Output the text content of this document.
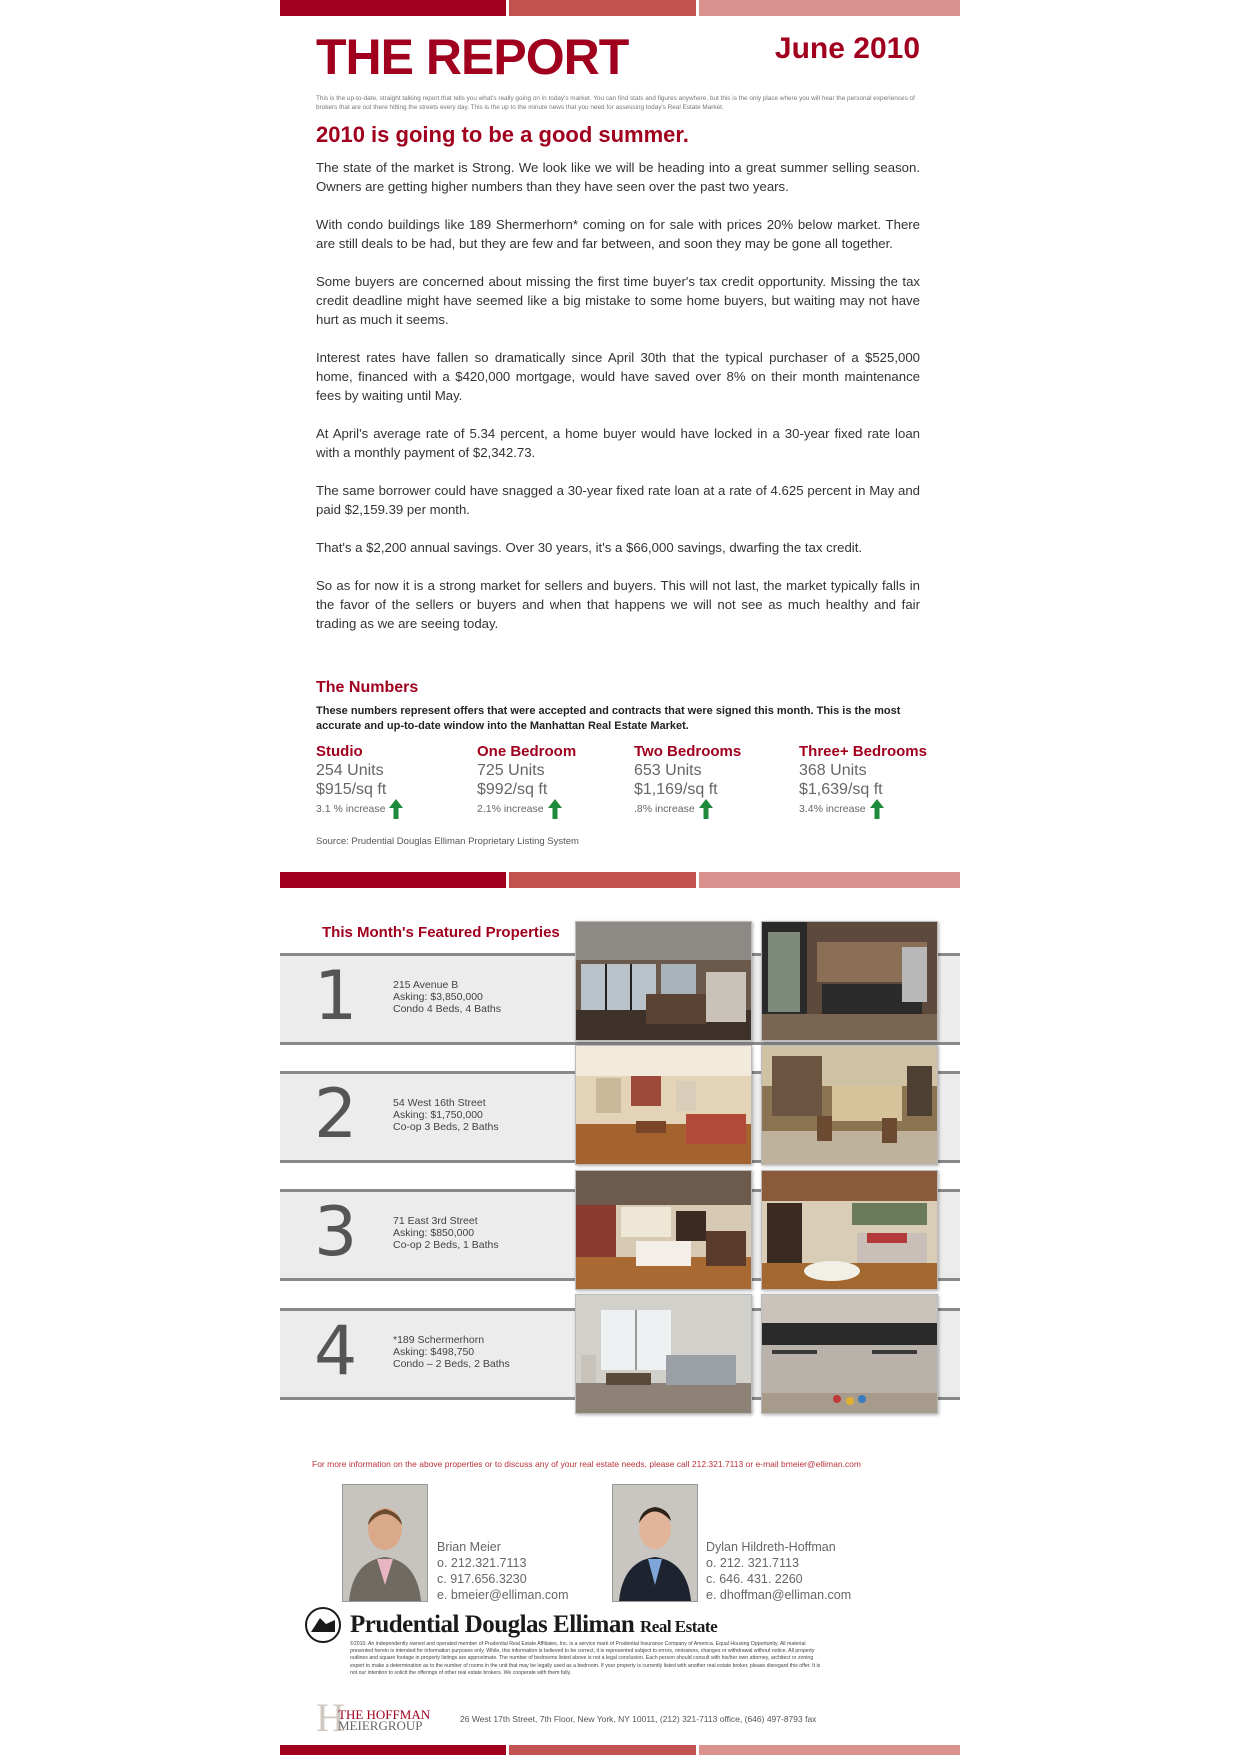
THE REPORT	June 2010
This is the up-to-date, straight talking report that tells you what's really going on in today's market. You can find stats and figures anywhere, but this is the only place where you will hear the personal experiences of brokers that are out there hitting the streets every day. This is the up to the minute news that you need for assessing today's Real Estate Market.
2010 is going to be a good summer.

The state of the market is Strong. We look like we will be heading into a great summer selling season. Owners are getting higher numbers than they have seen over the past two years.

With condo buildings like 189 Shermerhorn* coming on for sale with prices 20% below market. There are still deals to be had, but they are few and far between, and soon they may be gone all together.

Some buyers are concerned about missing the first time buyer's tax credit opportunity. Missing the tax credit deadline might have seemed like a big mistake to some home buyers, but waiting may not have hurt as much it seems.

Interest rates have fallen so dramatically since April 30th that the typical purchaser of a $525,000 home, financed with a $420,000 mortgage, would have saved over 8% on their month maintenance fees by waiting until May.

At April's average rate of 5.34 percent, a home buyer would have locked in a 30-year fixed rate loan with a monthly payment of $2,342.73.

The same borrower could have snagged a 30-year fixed rate loan at a rate of 4.625 percent in May and paid $2,159.39 per month.

That's a $2,200 annual savings. Over 30 years, it's a $66,000 savings, dwarfing the tax credit.

So as for now it is a strong market for sellers and buyers. This will not last, the market typically falls in the favor of the sellers or buyers and when that happens we will not see as much healthy and fair trading as we are seeing today.

The Numbers
These numbers represent offers that were accepted and contracts that were signed this month. This is the most accurate and up-to-date window into the Manhattan Real Estate Market.
Studio
254 Units
$915/sq ft
3.1 % increase
One Bedroom
725 Units
$992/sq ft
2.1% increase
Two Bedrooms
653 Units
$1,169/sq ft
.8% increase
Three+ Bedrooms
368 Units
$1,639/sq ft
3.4% increase
Source: Prudential Douglas Elliman Proprietary Listing System
This Month's Featured Properties
1	215 Avenue B
Asking: $3,850,000
Condo 4 Beds, 4 Baths
2	54 West 16th Street
Asking: $1,750,000
Co-op 3 Beds, 2 Baths
3	71 East 3rd Street
Asking: $850,000
Co-op 2 Beds, 1 Baths
4	*189 Schermerhorn
Asking: $498,750
Condo – 2 Beds, 2 Baths
For more information on the above properties or to discuss any of your real estate needs, please call 212.321.7113 or e-mail bmeier@elliman.com
Brian Meier
o. 212.321.7113
c. 917.656.3230
e. bmeier@elliman.com
Dylan Hildreth-Hoffman
o. 212. 321.7113
c. 646. 431. 2260
e. dhoffman@elliman.com
Prudential Douglas Elliman Real Estate
©2010. An independently owned and operated member of Prudential Real Estate Affiliates, Inc. is a service mark of Prudential Insurance Company of America. Equal Housing Opportunity. All material presented herein is intended for information purposes only. While, this information is believed to be correct, it is represented subject to errors, omissions, changes or withdrawal without notice. All property outlines and square footage in property listings are approximate. The number of bedrooms listed above is not a legal conclusion. Each person should consult with his/her own attorney, architect or zoning expert to make a determination as to the number of rooms in the unit that may be legally used as a bedroom. If your property is currently listed with another real estate broker, please disregard this offer. It is not our intention to solicit the offerings of other real estate brokers. We cooperate with them fully.
H
THE HOFFMAN
MEIERGROUP	26 West 17th Street, 7th Floor, New York, NY 10011, (212) 321-7113 office, (646) 497-8793 fax
